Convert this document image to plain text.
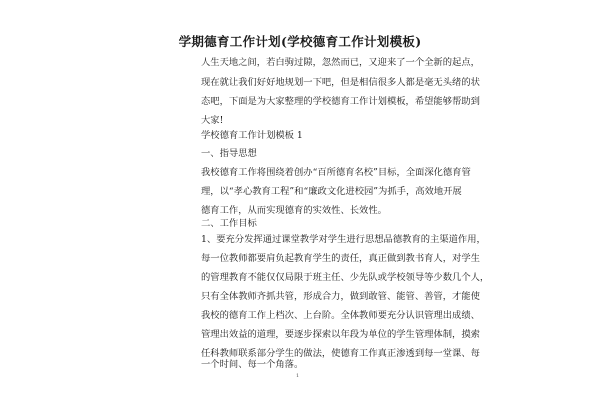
学期德育工作计划(学校德育工作计划模板)
人生天地之间，若白驹过隙，忽然而已，又迎来了一个全新的起点，
现在就让我们好好地规划一下吧，但是相信很多人都是毫无头绪的状
态吧，下面是为大家整理的学校德育工作计划模板，希望能够帮助到
大家!
学校德育工作计划模板 1
一、指导思想
我校德育工作将围绕着创办“百所德育名校”目标，全面深化德育管
理，以“孝心教育工程”和“廉政文化进校园”为抓手，高效地开展
德育工作，从而实现德育的实效性、长效性。
二、工作目标
1、要充分发挥通过课堂教学对学生进行思想品德教育的主渠道作用，
每一位教师都要肩负起教育学生的责任，真正做到教书育人，对学生
的管理教育不能仅仅局限于班主任、少先队或学校领导等少数几个人，
只有全体教师齐抓共管，形成合力，做到敢管、能管、善管，才能使
我校的德育工作上档次、上台阶。全体教师要充分认识管理出成绩、
管理出效益的道理，要逐步探索以年段为单位的学生管理体制，摸索
任科教师联系部分学生的做法，使德育工作真正渗透到每一堂课、每
一个时间、每一个角落。
1
